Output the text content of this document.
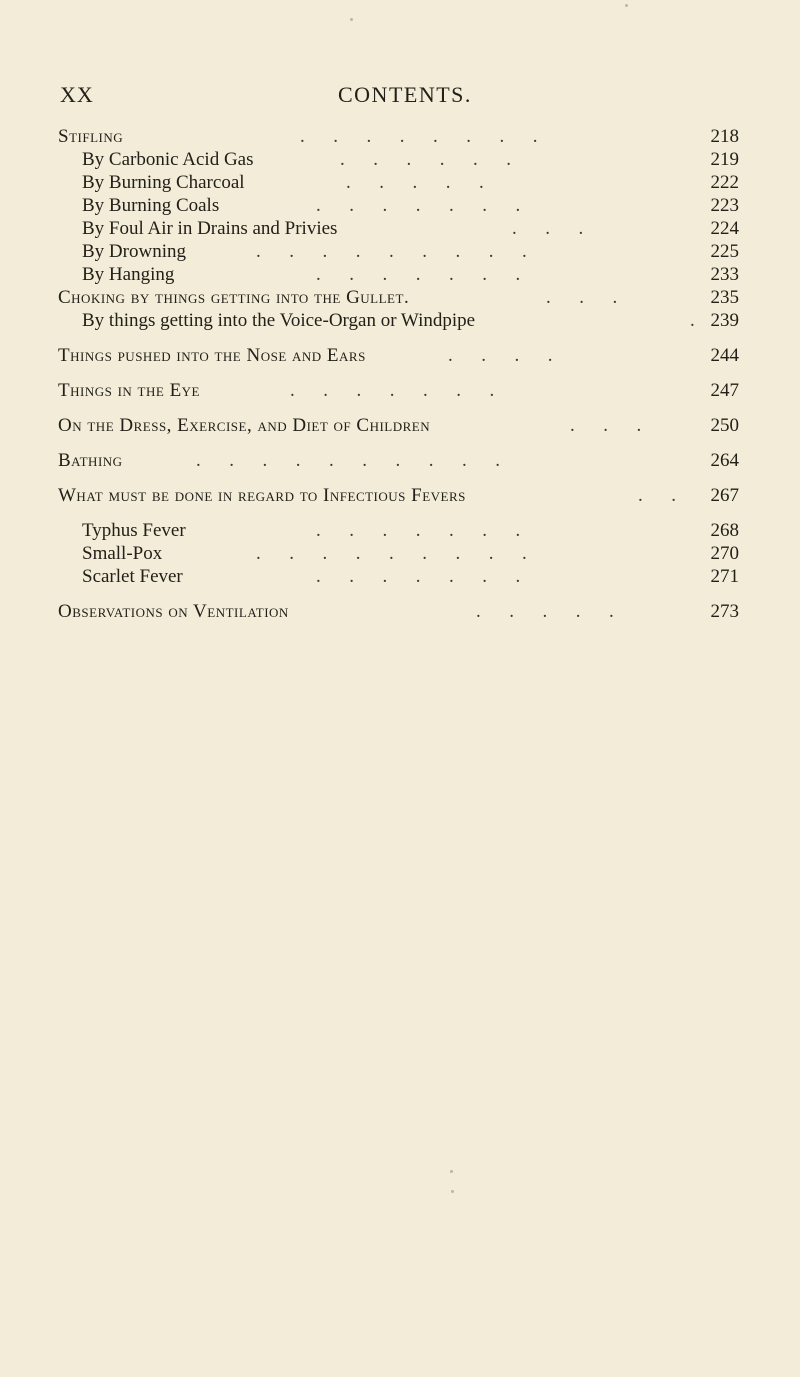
XX	CONTENTS.
Stifling	.      .      .      .      .      .      .      .	218
By Carbonic Acid Gas	.      .      .      .      .      .	219
By Burning Charcoal	.      .      .      .      .	222
By Burning Coals	.      .      .      .      .      .      .	223
By Foul Air in Drains and Privies	.      .      .	224
By Drowning	.      .      .      .      .      .      .      .      .	225
By Hanging	.      .      .      .      .      .      .	233
Choking by things getting into the Gullet.	.      .      .	235
By things getting into the Voice-Organ or Windpipe	. 239
Things pushed into the Nose and Ears	.      .      .      .	244
Things in the Eye	.      .      .      .      .      .      .	247
On the Dress, Exercise, and Diet of Children	.      .      .	250
Bathing	.      .      .      .      .      .      .      .      .      .	264
What must be done in regard to Infectious Fevers	.      .	267
Typhus Fever	.      .      .      .      .      .      .	268
Small-Pox	.      .      .      .      .      .      .      .      .	270
Scarlet Fever	.      .      .      .      .      .      .	271
Observations on Ventilation	.      .      .      .      .	273
